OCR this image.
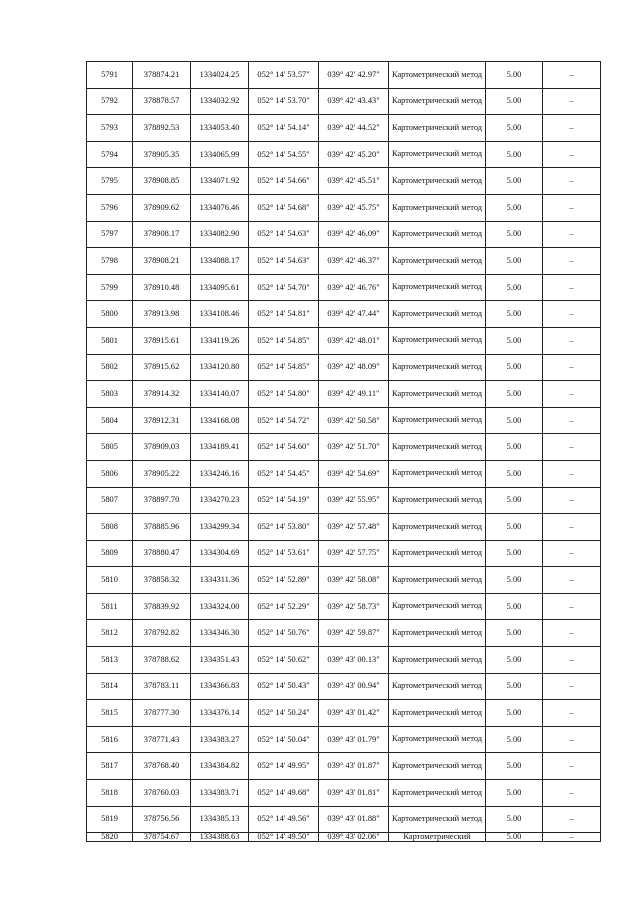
5791	378874.21	1334024.25	052° 14' 53.57"	039° 42' 42.97"	Картометрический метод	5.00	–
5792	378878.57	1334032.92	052° 14' 53.70"	039° 42' 43.43"	Картометрический метод	5.00	–
5793	378892.53	1334053.40	052° 14' 54.14"	039° 42' 44.52"	Картометрический метод	5.00	–
5794	378905.35	1334065.99	052° 14' 54.55"	039° 42' 45.20"	Картометрический метод	5.00	–
5795	378908.85	1334071.92	052° 14' 54.66"	039° 42' 45.51"	Картометрический метод	5.00	–
5796	378909.62	1334076.46	052° 14' 54.68"	039° 42' 45.75"	Картометрический метод	5.00	–
5797	378908.17	1334082.90	052° 14' 54.63"	039° 42' 46.09"	Картометрический метод	5.00	–
5798	378908.21	1334088.17	052° 14' 54.63"	039° 42' 46.37"	Картометрический метод	5.00	–
5799	378910.48	1334095.61	052° 14' 54.70"	039° 42' 46.76"	Картометрический метод	5.00	–
5800	378913.98	1334108.46	052° 14' 54.81"	039° 42' 47.44"	Картометрический метод	5.00	–
5801	378915.61	1334119.26	052° 14' 54.85"	039° 42' 48.01"	Картометрический метод	5.00	–
5802	378915.62	1334120.80	052° 14' 54.85"	039° 42' 48.09"	Картометрический метод	5.00	–
5803	378914.32	1334140.07	052° 14' 54.80"	039° 42' 49.11"	Картометрический метод	5.00	–
5804	378912.31	1334168.08	052° 14' 54.72"	039° 42' 50.58"	Картометрический метод	5.00	–
5805	378909.03	1334189.41	052° 14' 54.60"	039° 42' 51.70"	Картометрический метод	5.00	–
5806	378905.22	1334246.16	052° 14' 54.45"	039° 42' 54.69"	Картометрический метод	5.00	–
5807	378897.70	1334270.23	052° 14' 54.19"	039° 42' 55.95"	Картометрический метод	5.00	–
5808	378885.96	1334299.34	052° 14' 53.80"	039° 42' 57.48"	Картометрический метод	5.00	–
5809	378880.47	1334304.69	052° 14' 53.61"	039° 42' 57.75"	Картометрический метод	5.00	–
5810	378858.32	1334311.36	052° 14' 52.89"	039° 42' 58.08"	Картометрический метод	5.00	–
5811	378839.92	1334324.00	052° 14' 52.29"	039° 42' 58.73"	Картометрический метод	5.00	–
5812	378792.82	1334346.30	052° 14' 50.76"	039° 42' 59.87"	Картометрический метод	5.00	–
5813	378788.62	1334351.43	052° 14' 50.62"	039° 43' 00.13"	Картометрический метод	5.00	–
5814	378783.11	1334366.83	052° 14' 50.43"	039° 43' 00.94"	Картометрический метод	5.00	–
5815	378777.30	1334376.14	052° 14' 50.24"	039° 43' 01.42"	Картометрический метод	5.00	–
5816	378771.43	1334383.27	052° 14' 50.04"	039° 43' 01.79"	Картометрический метод	5.00	–
5817	378768.40	1334384.82	052° 14' 49.95"	039° 43' 01.87"	Картометрический метод	5.00	–
5818	378760.03	1334383.71	052° 14' 49.68"	039° 43' 01.81"	Картометрический метод	5.00	–
5819	378756.56	1334385.13	052° 14' 49.56"	039° 43' 01.88"	Картометрический метод	5.00	–
5820	378754.67	1334388.63	052° 14' 49.50"	039° 43' 02.06"	Картометрический	5.00	–
